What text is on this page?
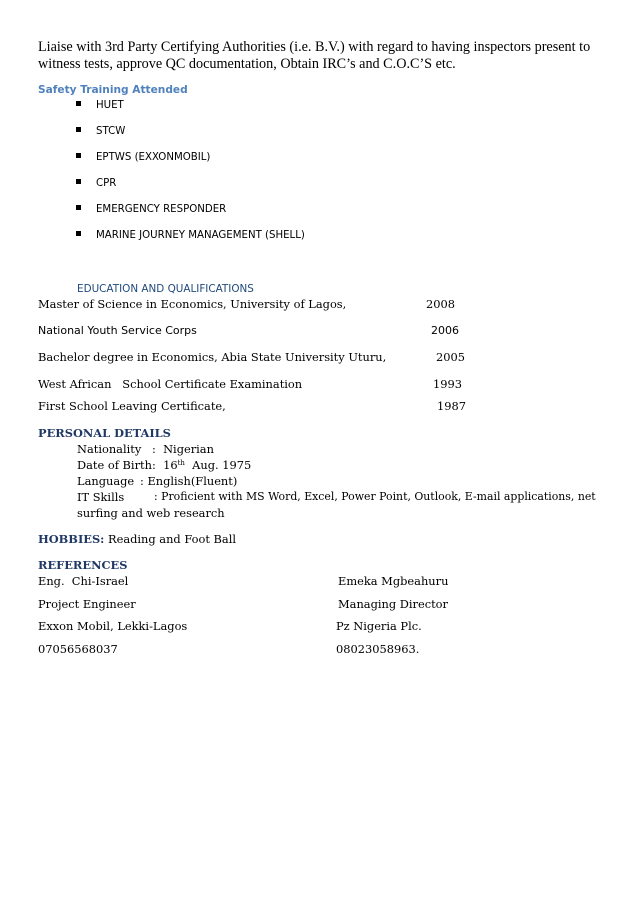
Liaise with 3rd Party Certifying Authorities (i.e. B.V.) with regard to having inspectors present to witness tests, approve QC documentation, Obtain IRC’s and C.O.C’S etc.
Safety Training Attended
HUET
STCW
EPTWS (EXXONMOBIL)
CPR
EMERGENCY RESPONDER
MARINE JOURNEY MANAGEMENT (SHELL)
EDUCATION AND QUALIFICATIONS
Master of Science in Economics, University of Lagos,	2008
National Youth Service Corps	2006
Bachelor degree in Economics, Abia State University Uturu,	2005
West African   School Certificate Examination	1993
First School Leaving Certificate,	1987
PERSONAL DETAILS
Nationality :  Nigerian
Date of Birth :  16th  Aug. 1975
Language : English(Fluent)
IT Skills	: Proficient with MS Word, Excel, Power Point, Outlook, E-mail applications, net
surfing and web research
HOBBIES: Reading and Foot Ball
REFERENCES
Eng.  Chi-Israel	Emeka Mgbeahuru
Project Engineer	Managing Director
Exxon Mobil, Lekki-Lagos	Pz Nigeria Plc.
07056568037	08023058963.
